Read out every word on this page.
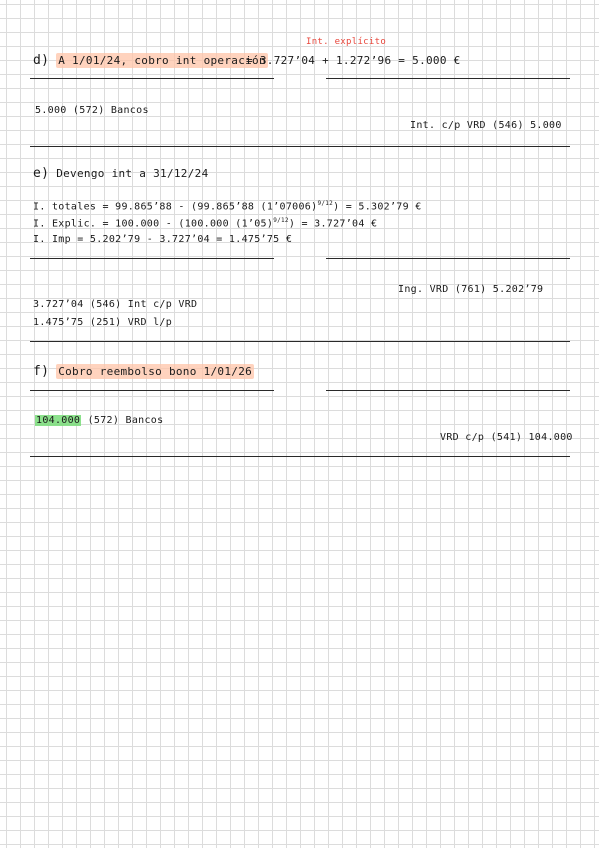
Int. explícito
d) A 1/01/24, cobro int operación
= 3.727’04 + 1.272’96 = 5.000 €
5.000 (572) Bancos
Int. c/p VRD (546) 5.000
e) Devengo int a 31/12/24
I. totales = 99.865’88 - (99.865’88 (1’07006)$^{9/12}$) = 5.302’79 €
I. Explic. = 100.000 - (100.000 (1’05)$^{9/12}$) = 3.727’04 €
I. Imp = 5.202’79 - 3.727’04 = 1.475’75 €
Ing. VRD (761) 5.202’79
3.727’04 (546) Int c/p VRD
1.475’75 (251) VRD l/p
f) Cobro reembolso bono 1/01/26
104.000 (572) Bancos
VRD c/p (541) 104.000
